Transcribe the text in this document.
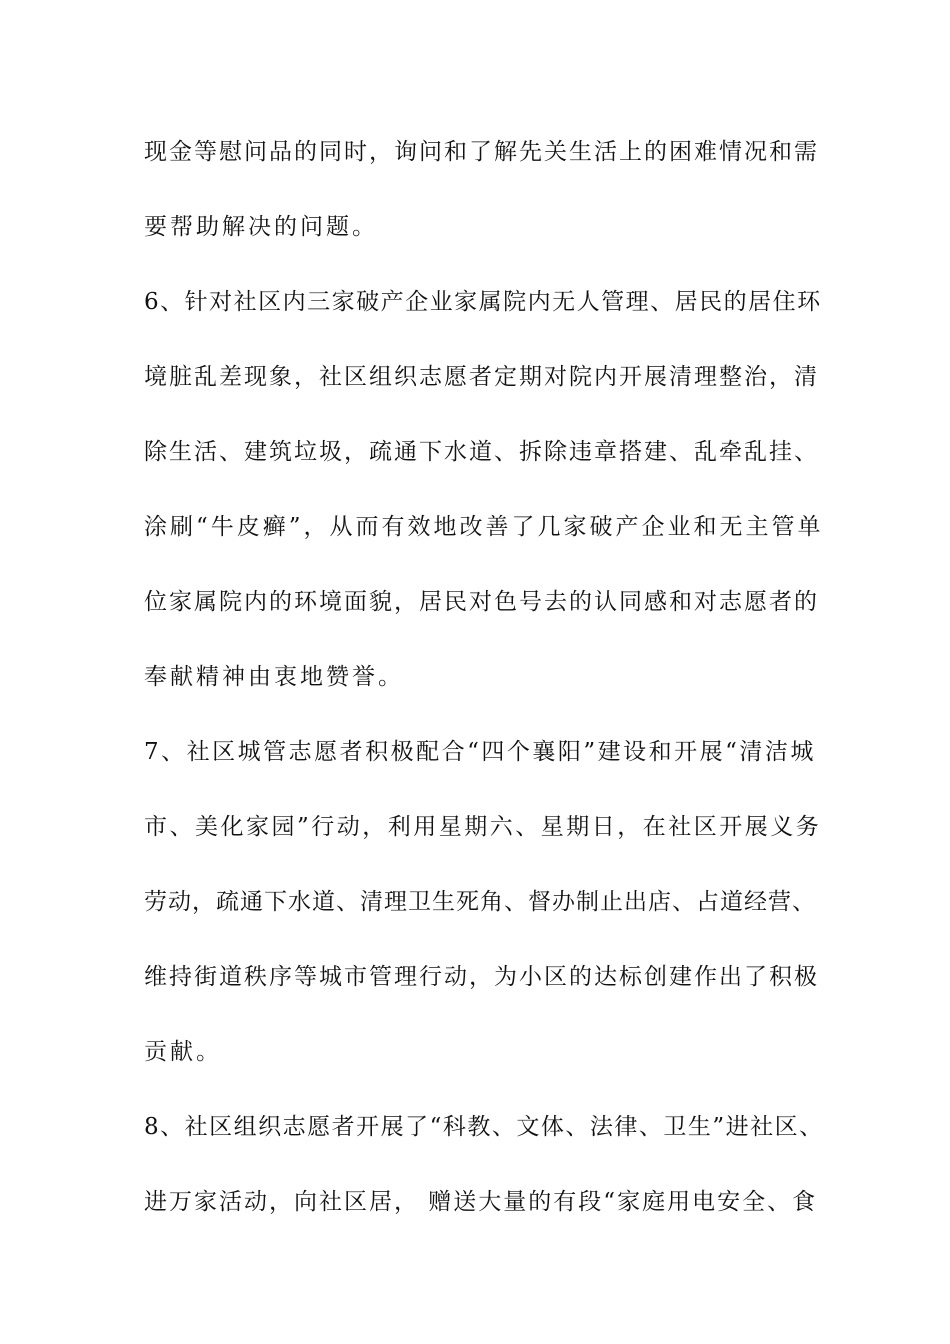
现金等慰问品的同时，询问和了解先关生活上的困难情况和需
要帮助解决的问题。
6、针对社区内三家破产企业家属院内无人管理、居民的居住环
境脏乱差现象，社区组织志愿者定期对院内开展清理整治，清
除生活、建筑垃圾，疏通下水道、拆除违章搭建、乱牵乱挂、
涂刷“牛皮癣”，从而有效地改善了几家破产企业和无主管单
位家属院内的环境面貌，居民对色号去的认同感和对志愿者的
奉献精神由衷地赞誉。
7、社区城管志愿者积极配合“四个襄阳”建设和开展“清洁城
市、美化家园”行动，利用星期六、星期日，在社区开展义务
劳动，疏通下水道、清理卫生死角、督办制止出店、占道经营、
维持街道秩序等城市管理行动，为小区的达标创建作出了积极
贡献。
8、社区组织志愿者开展了“科教、文体、法律、卫生”进社区、
进万家活动，向社区居， 赠送大量的有段“家庭用电安全、食
